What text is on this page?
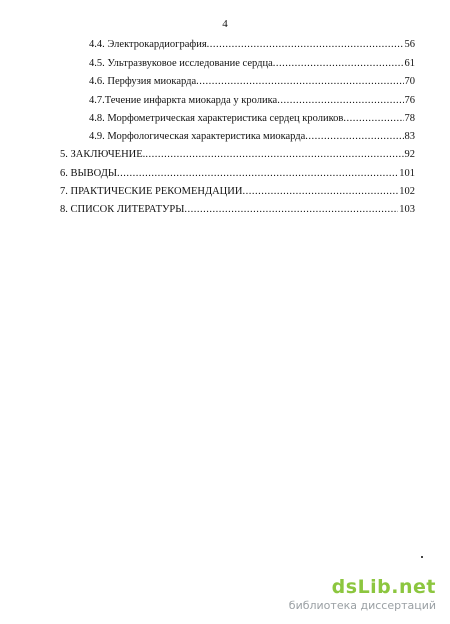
4
4.4. Электрокардиография .....	56
4.5. Ультразвуковое исследование сердца .....	61
4.6. Перфузия миокарда .....	70
4.7.Течение инфаркта миокарда у кролика .....	76
4.8. Морфометрическая характеристика сердец кроликов .....	78
4.9. Морфологическая характеристика миокарда .....	83
5. ЗАКЛЮЧЕНИЕ. .....	92
6. ВЫВОДЫ .....	101
7. ПРАКТИЧЕСКИЕ РЕКОМЕНДАЦИИ .....	102
8. СПИСОК ЛИТЕРАТУРЫ .....	103
dsLib.net
библиотека диссертаций
